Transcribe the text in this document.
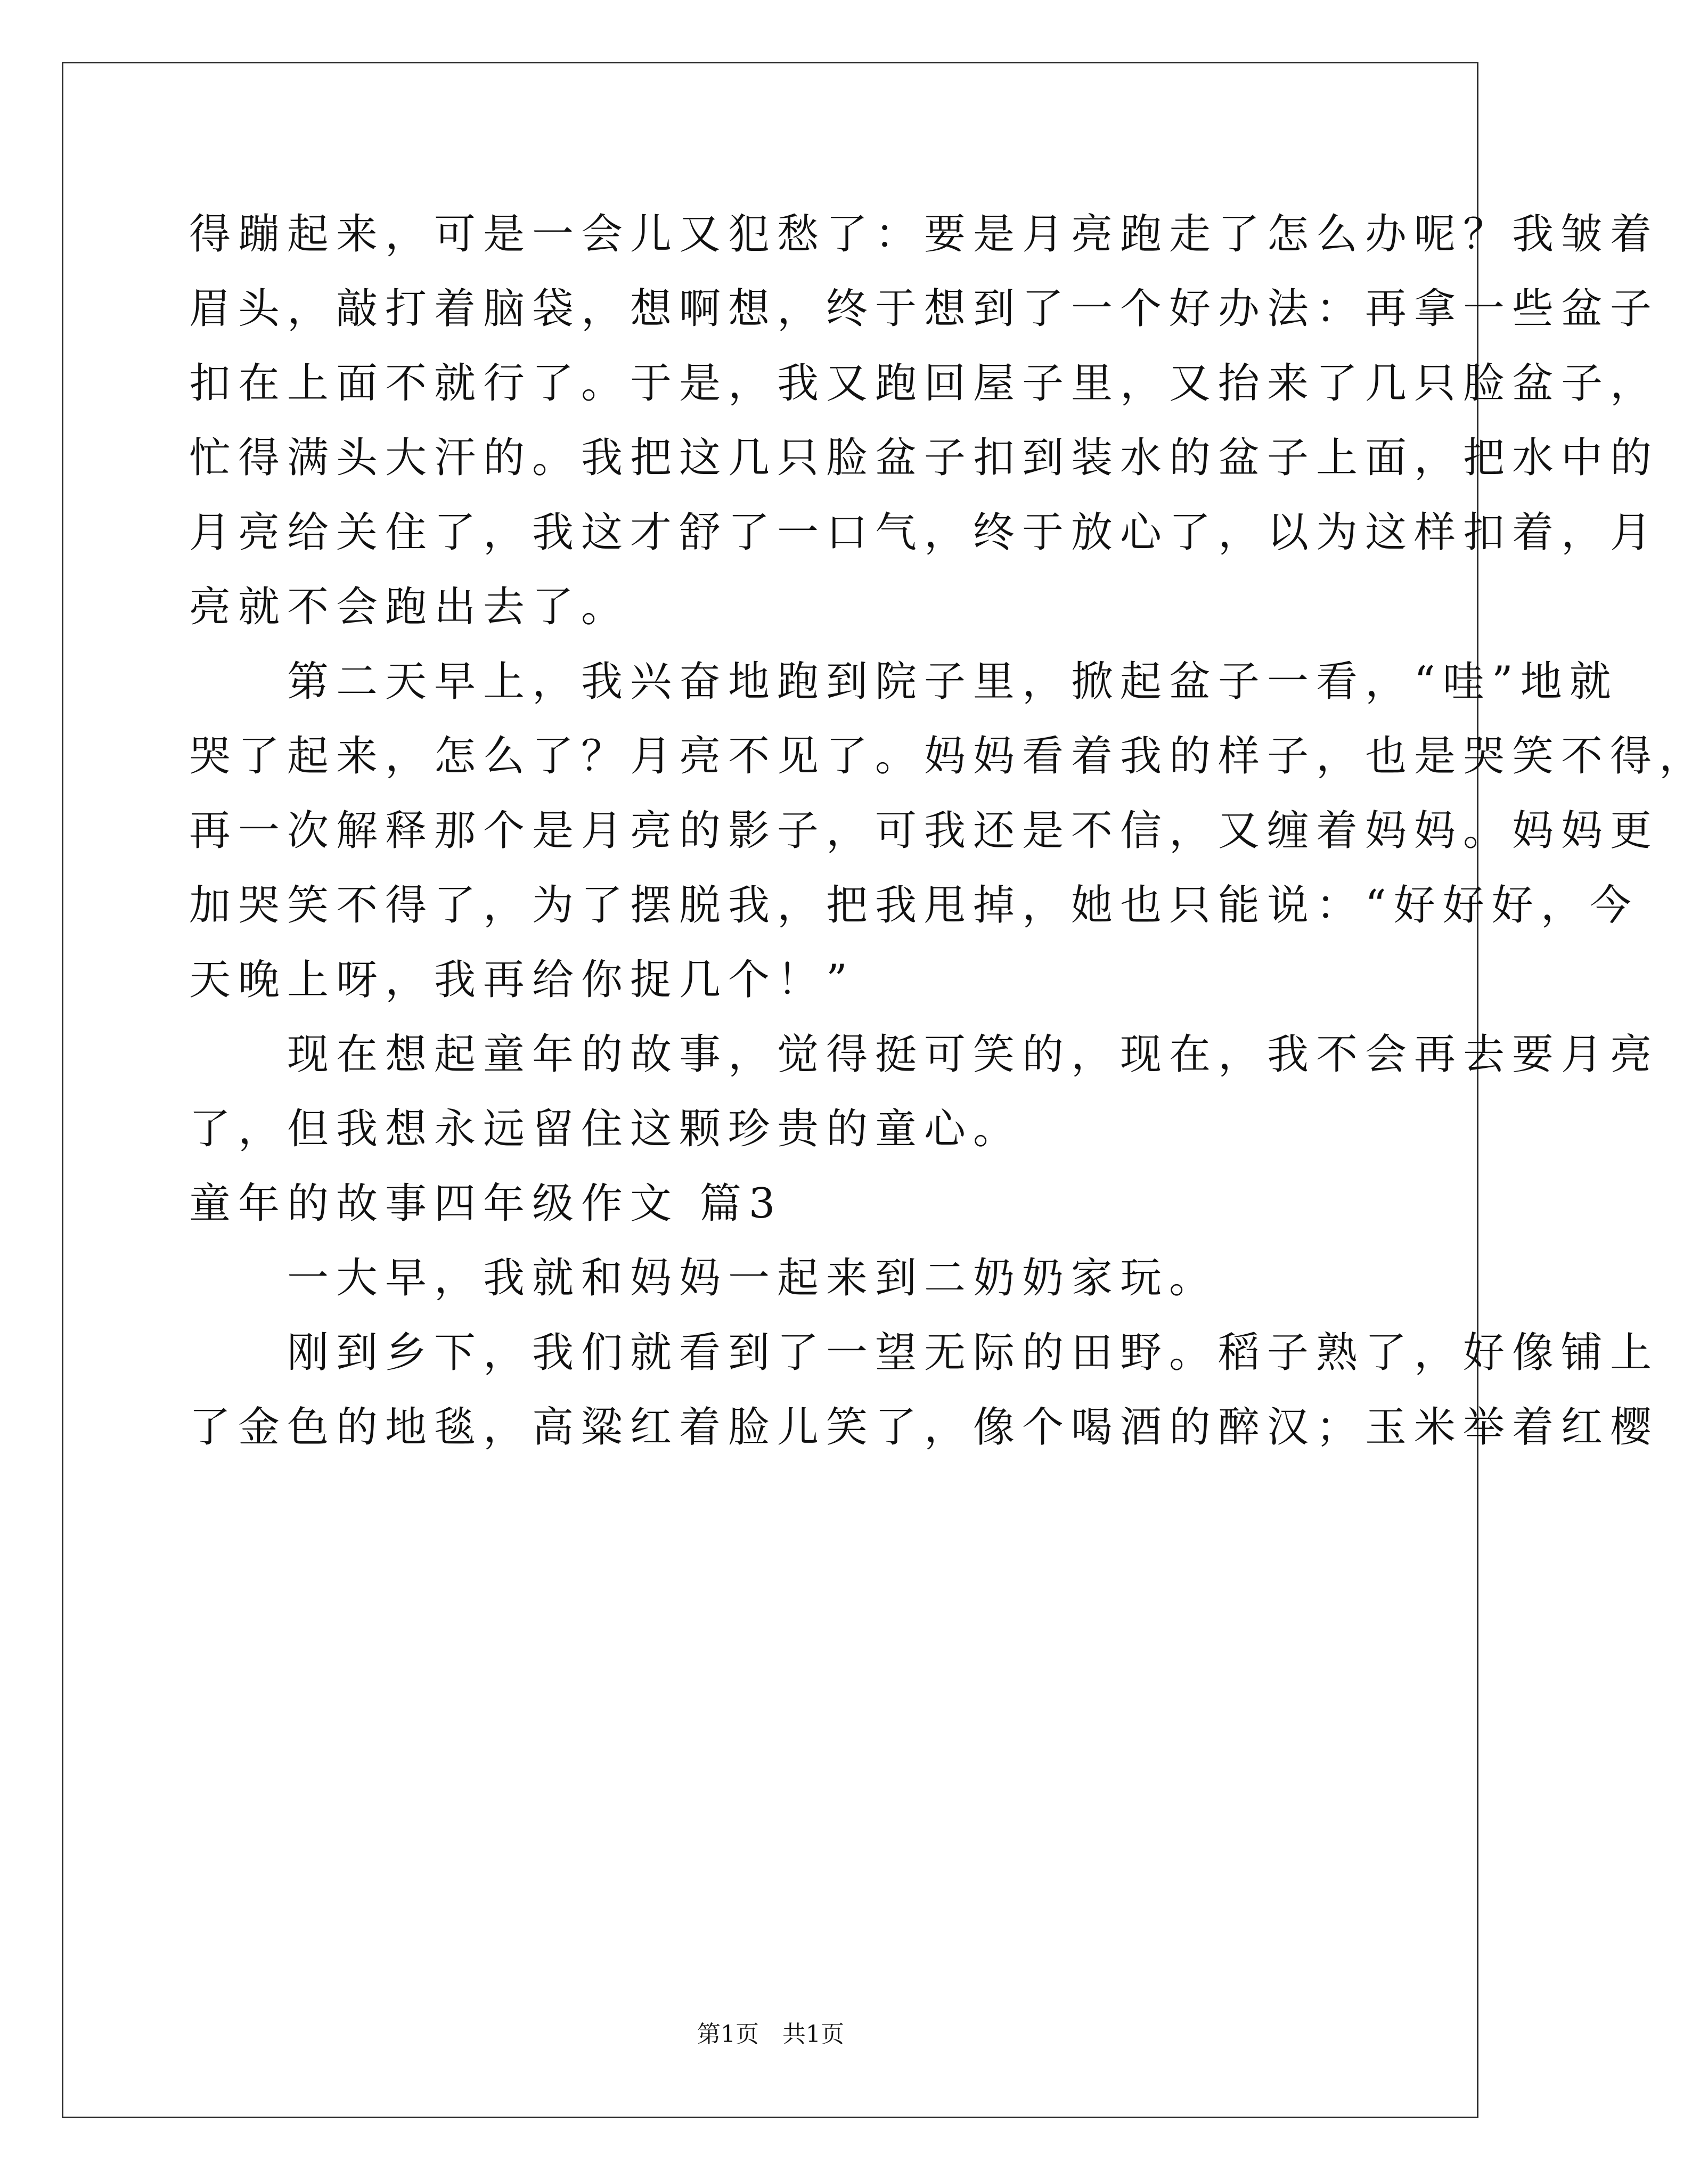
得蹦起来，可是一会儿又犯愁了：要是月亮跑走了怎么办呢？我皱着
眉头，敲打着脑袋，想啊想，终于想到了一个好办法：再拿一些盆子
扣在上面不就行了。于是，我又跑回屋子里，又抬来了几只脸盆子，
忙得满头大汗的。我把这几只脸盆子扣到装水的盆子上面，把水中的
月亮给关住了，我这才舒了一口气，终于放心了，以为这样扣着，月
亮就不会跑出去了。
　　第二天早上，我兴奋地跑到院子里，掀起盆子一看，“哇”地就
哭了起来，怎么了？月亮不见了。妈妈看着我的样子，也是哭笑不得，
再一次解释那个是月亮的影子，可我还是不信，又缠着妈妈。妈妈更
加哭笑不得了，为了摆脱我，把我甩掉，她也只能说：“好好好，今
天晚上呀，我再给你捉几个！”
　　现在想起童年的故事，觉得挺可笑的，现在，我不会再去要月亮
了，但我想永远留住这颗珍贵的童心。
童年的故事四年级作文 篇3
　　一大早，我就和妈妈一起来到二奶奶家玩。
　　刚到乡下，我们就看到了一望无际的田野。稻子熟了，好像铺上
了金色的地毯，高粱红着脸儿笑了，像个喝酒的醉汉；玉米举着红樱
第1页　共1页
